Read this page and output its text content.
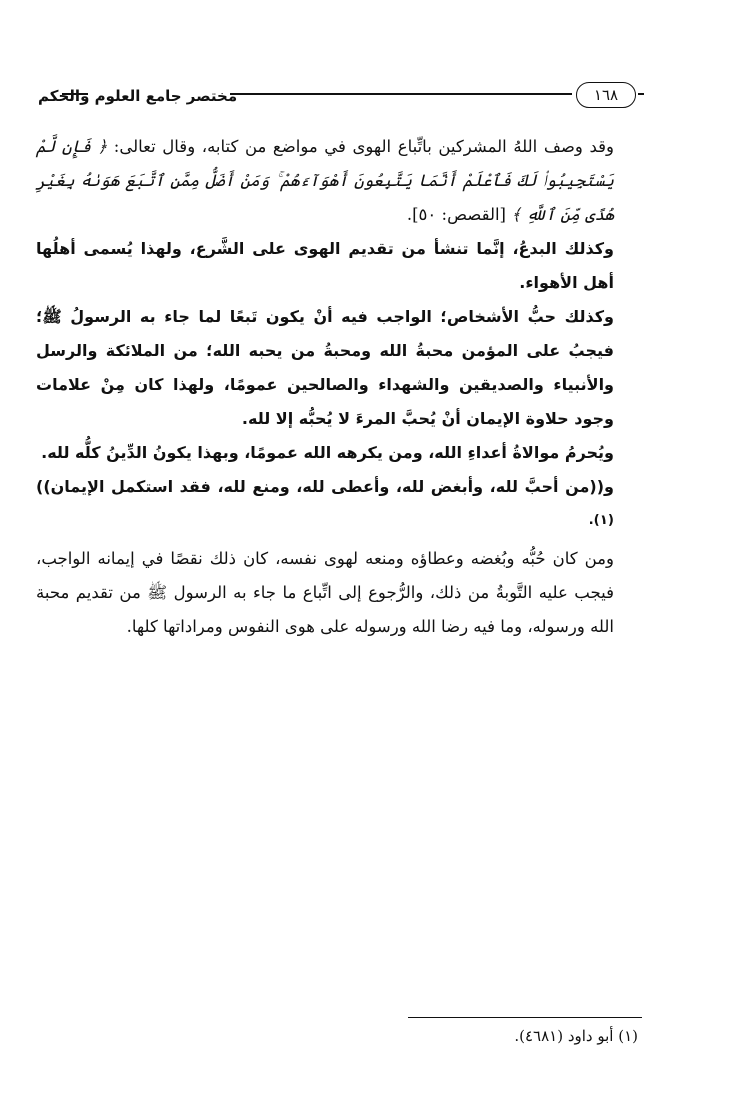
مختصر جامع العلوم والحكم	١٦٨

وقد وصف اللهُ المشركين باتِّباع الهوى في مواضع من كتابه، وقال تعالى: ﴿ فَإِن لَّمْ يَسْتَجِيبُوا۟ لَكَ فَٱعْلَمْ أَنَّمَا يَتَّبِعُونَ أَهْوَآءَهُمْ ۚ وَمَنْ أَضَلُّ مِمَّنِ ٱتَّبَعَ هَوَىٰهُ بِغَيْرِ هُدًى مِّنَ ٱللَّهِ ﴾ [القصص: ٥٠].

وكذلك البدعُ، إنَّما تنشأ من تقديم الهوى على الشَّرع، ولهذا يُسمى أهلُها أهل الأهواء.

وكذلك حبُّ الأشخاص؛ الواجب فيه أنْ يكون تَبعًا لما جاء به الرسولُ ﷺ؛ فيجبُ على المؤمن محبةُ الله ومحبةُ من يحبه الله؛ من الملائكة والرسل والأنبياء والصديقين والشهداء والصالحين عمومًا، ولهذا كان مِنْ علامات وجود حلاوة الإيمان أنْ يُحبَّ المرءَ لا يُحبُّه إلا لله.

ويُحرمُ موالاةُ أعداءِ الله، ومن يكرهه الله عمومًا، وبهذا يكونُ الدِّينُ كلُّه لله.

و((من أحبَّ لله، وأبغض لله، وأعطى لله، ومنع لله، فقد استكمل الإيمان)) $^{(١).}$

ومن كان حُبُّه وبُغضه وعطاؤه ومنعه لهوى نفسه، كان ذلك نقصًا في إيمانه الواجب، فيجب عليه التَّوبةُ من ذلك، والرُّجوع إلى اتِّباع ما جاء به الرسول ﷺ من تقديم محبة الله ورسوله، وما فيه رضا الله ورسوله على هوى النفوس ومراداتها كلها.

(١) أبو داود (٤٦٨١).
